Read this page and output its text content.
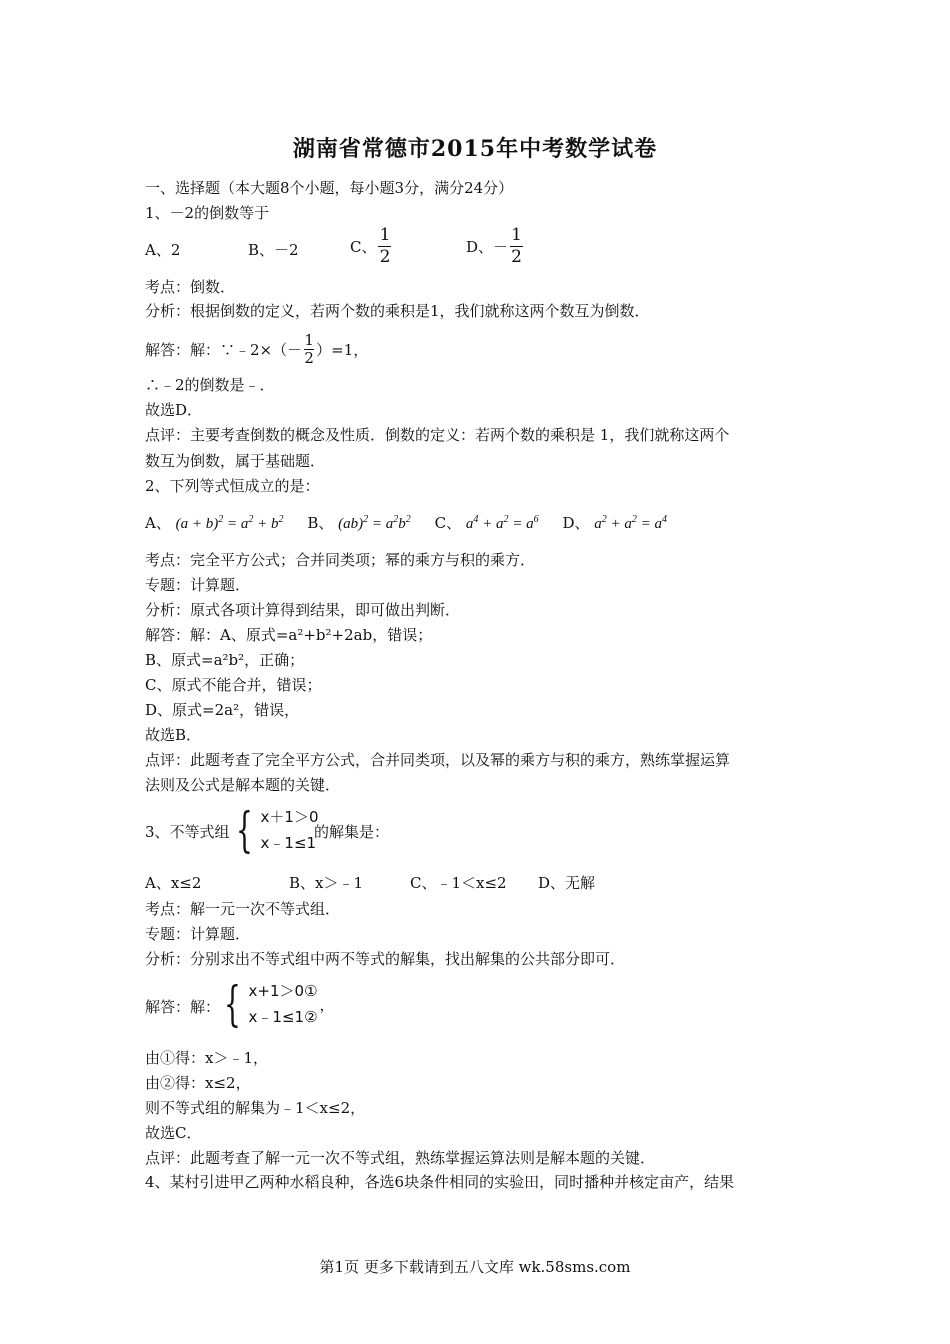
湖南省常德市2015年中考数学试卷
一、选择题（本大题8个小题，每小题3分，满分24分）
1、－2的倒数等于
A、2	B、－2	C、 $\frac{1}{2}$	D、－ $\frac{1}{2}$
考点：倒数．
分析：根据倒数的定义，若两个数的乘积是1，我们就称这两个数互为倒数．
解答：解：∵﹣2×（ － $\frac{1}{2} )=1$，
∴﹣2的倒数是﹣．
故选D．
点评：主要考查倒数的概念及性质．倒数的定义：若两个数的乘积是 1，我们就称这两个
数互为倒数，属于基础题．
2、下列等式恒成立的是：
A、 $(a + b)^2 = a^2 + b^2$ B、 $(ab)^2 = a^2b^2$ C、 $a^4 + a^2 = a^6$ D、 $a^2 + a^2 = a^4$
考点：完全平方公式；合并同类项；幂的乘方与积的乘方．
专题：计算题．
分析：原式各项计算得到结果，即可做出判断．
解答：解：A、原式=a²+b²+2ab，错误；
B、原式=a²b²，正确；
C、原式不能合并，错误；
D、原式=2a²，错误，
故选B．
点评：此题考查了完全平方公式，合并同类项，以及幂的乘方与积的乘方，熟练掌握运算
法则及公式是解本题的关键．
3、不等式组 { x＋1＞0
x﹣1≤1
的解集是：
A、x≤2	B、x＞﹣1	C、﹣1＜x≤2 D、无解
考点：解一元一次不等式组．
专题：计算题．
分析：分别求出不等式组中两不等式的解集，找出解集的公共部分即可．
解答：解： { x+1＞0①
x﹣1≤1②
，
由①得：x＞﹣1，
由②得：x≤2，
则不等式组的解集为﹣1＜x≤2，
故选C．
点评：此题考查了解一元一次不等式组，熟练掌握运算法则是解本题的关键．
4、某村引进甲乙两种水稻良种，各选6块条件相同的实验田，同时播种并核定亩产，结果
第1页 更多下载请到五八文库 wk.58sms.com
